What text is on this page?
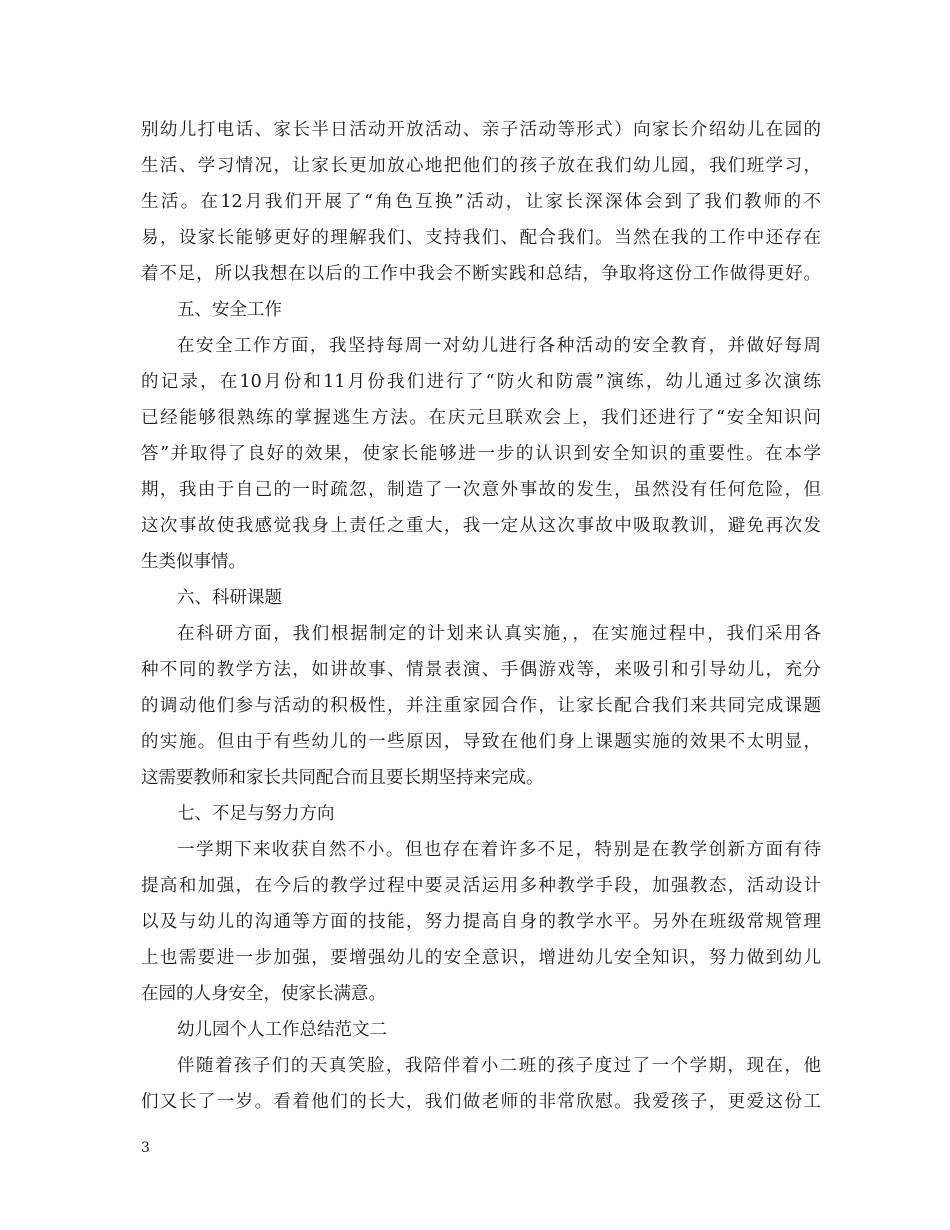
别幼儿打电话、家长半日活动开放活动、亲子活动等形式）向家长介绍幼儿在园的
生活、学习情况，让家长更加放心地把他们的孩子放在我们幼儿园，我们班学习，
生活。在12月我们开展了“角色互换”活动，让家长深深体会到了我们教师的不
易，设家长能够更好的理解我们、支持我们、配合我们。当然在我的工作中还存在
着不足，所以我想在以后的工作中我会不断实践和总结，争取将这份工作做得更好。
五、安全工作
在安全工作方面，我坚持每周一对幼儿进行各种活动的安全教育，并做好每周
的记录，在10月份和11月份我们进行了“防火和防震”演练，幼儿通过多次演练
已经能够很熟练的掌握逃生方法。在庆元旦联欢会上，我们还进行了“安全知识问
答”并取得了良好的效果，使家长能够进一步的认识到安全知识的重要性。在本学
期，我由于自己的一时疏忽，制造了一次意外事故的发生，虽然没有任何危险，但
这次事故使我感觉我身上责任之重大，我一定从这次事故中吸取教训，避免再次发
生类似事情。
六、科研课题
在科研方面，我们根据制定的计划来认真实施，，在实施过程中，我们采用各
种不同的教学方法，如讲故事、情景表演、手偶游戏等，来吸引和引导幼儿，充分
的调动他们参与活动的积极性，并注重家园合作，让家长配合我们来共同完成课题
的实施。但由于有些幼儿的一些原因，导致在他们身上课题实施的效果不太明显，
这需要教师和家长共同配合而且要长期坚持来完成。
七、不足与努力方向
一学期下来收获自然不小。但也存在着许多不足，特别是在教学创新方面有待
提高和加强，在今后的教学过程中要灵活运用多种教学手段，加强教态，活动设计
以及与幼儿的沟通等方面的技能，努力提高自身的教学水平。另外在班级常规管理
上也需要进一步加强，要增强幼儿的安全意识，增进幼儿安全知识，努力做到幼儿
在园的人身安全，使家长满意。
幼儿园个人工作总结范文二
伴随着孩子们的天真笑脸，我陪伴着小二班的孩子度过了一个学期，现在，他
们又长了一岁。看着他们的长大，我们做老师的非常欣慰。我爱孩子，更爱这份工
3
